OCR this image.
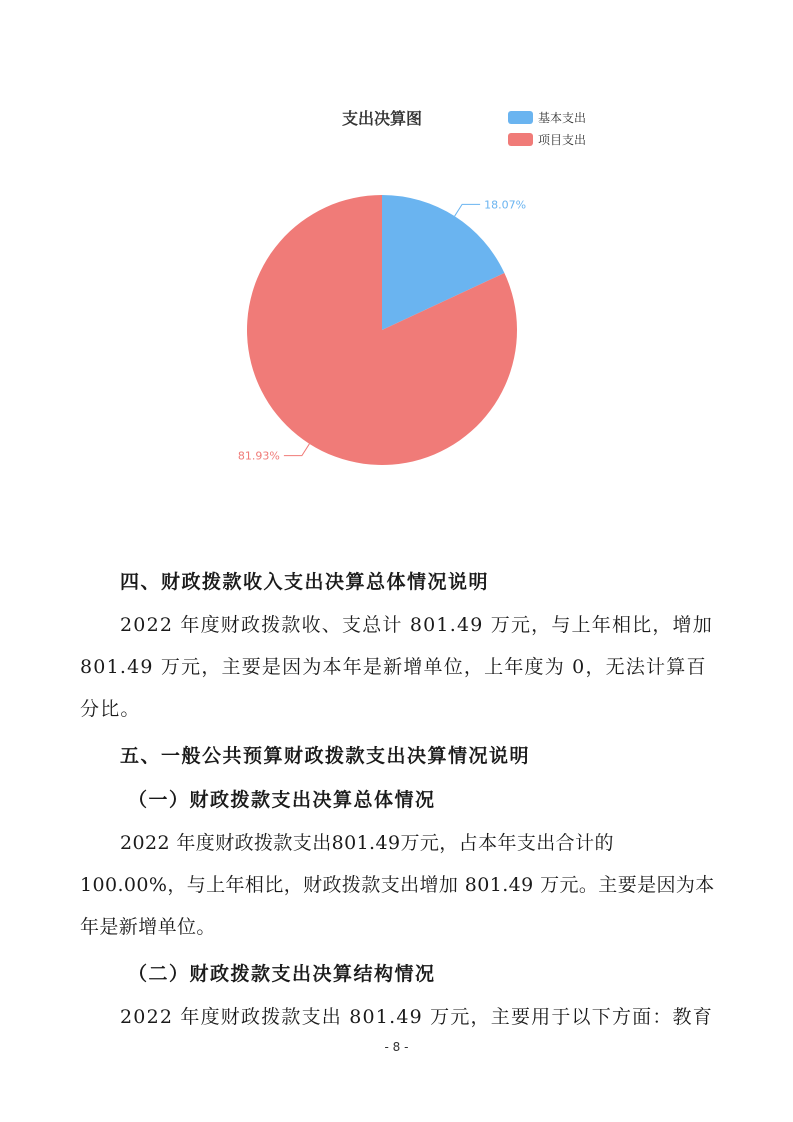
支出决算图	基本支出
项目支出
18.07%
81.93%
四、财政拨款收入支出决算总体情况说明

2022 年度财政拨款收、支总计 801.49 万元，与上年相比，增加 801.49 万元，主要是因为本年是新增单位，上年度为 0，无法计算百分比。

五、一般公共预算财政拨款支出决算情况说明
（一）财政拨款支出决算总体情况

2022 年度财政拨款支出801.49万元，占本年支出合计的100.00%，与上年相比，财政拨款支出增加 801.49 万元。主要是因为本年是新增单位。

（二）财政拨款支出决算结构情况

2022 年度财政拨款支出 801.49 万元，主要用于以下方面：教育

- 8 -
